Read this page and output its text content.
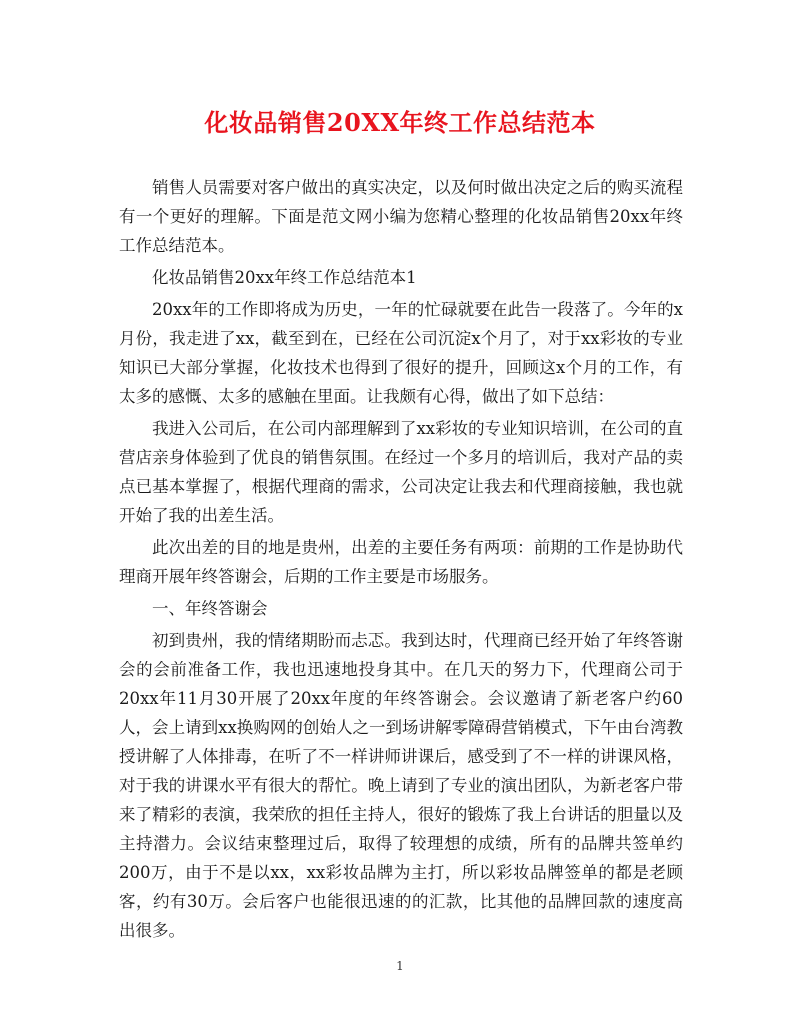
化妆品销售20XX年终工作总结范本

销售人员需要对客户做出的真实决定，以及何时做出决定之后的购买流程有一个更好的理解。下面是范文网小编为您精心整理的化妆品销售20xx年终工作总结范本。

化妆品销售20xx年终工作总结范本1

20xx年的工作即将成为历史，一年的忙碌就要在此告一段落了。今年的x月份，我走进了xx，截至到在，已经在公司沉淀x个月了，对于xx彩妆的专业知识已大部分掌握，化妆技术也得到了很好的提升，回顾这x个月的工作，有太多的感慨、太多的感触在里面。让我颇有心得，做出了如下总结：

我进入公司后，在公司内部理解到了xx彩妆的专业知识培训，在公司的直营店亲身体验到了优良的销售氛围。在经过一个多月的培训后，我对产品的卖点已基本掌握了，根据代理商的需求，公司决定让我去和代理商接触，我也就开始了我的出差生活。

此次出差的目的地是贵州，出差的主要任务有两项：前期的工作是协助代理商开展年终答谢会，后期的工作主要是市场服务。

一、年终答谢会

初到贵州，我的情绪期盼而忐忑。我到达时，代理商已经开始了年终答谢会的会前准备工作，我也迅速地投身其中。在几天的努力下，代理商公司于20xx年11月30开展了20xx年度的年终答谢会。会议邀请了新老客户约60人，会上请到xx换购网的创始人之一到场讲解零障碍营销模式，下午由台湾教授讲解了人体排毒，在听了不一样讲师讲课后，感受到了不一样的讲课风格，对于我的讲课水平有很大的帮忙。晚上请到了专业的演出团队，为新老客户带来了精彩的表演，我荣欣的担任主持人，很好的锻炼了我上台讲话的胆量以及主持潜力。会议结束整理过后，取得了较理想的成绩，所有的品牌共签单约200万，由于不是以xx，xx彩妆品牌为主打，所以彩妆品牌签单的都是老顾客，约有30万。会后客户也能很迅速的的汇款，比其他的品牌回款的速度高出很多。

1
